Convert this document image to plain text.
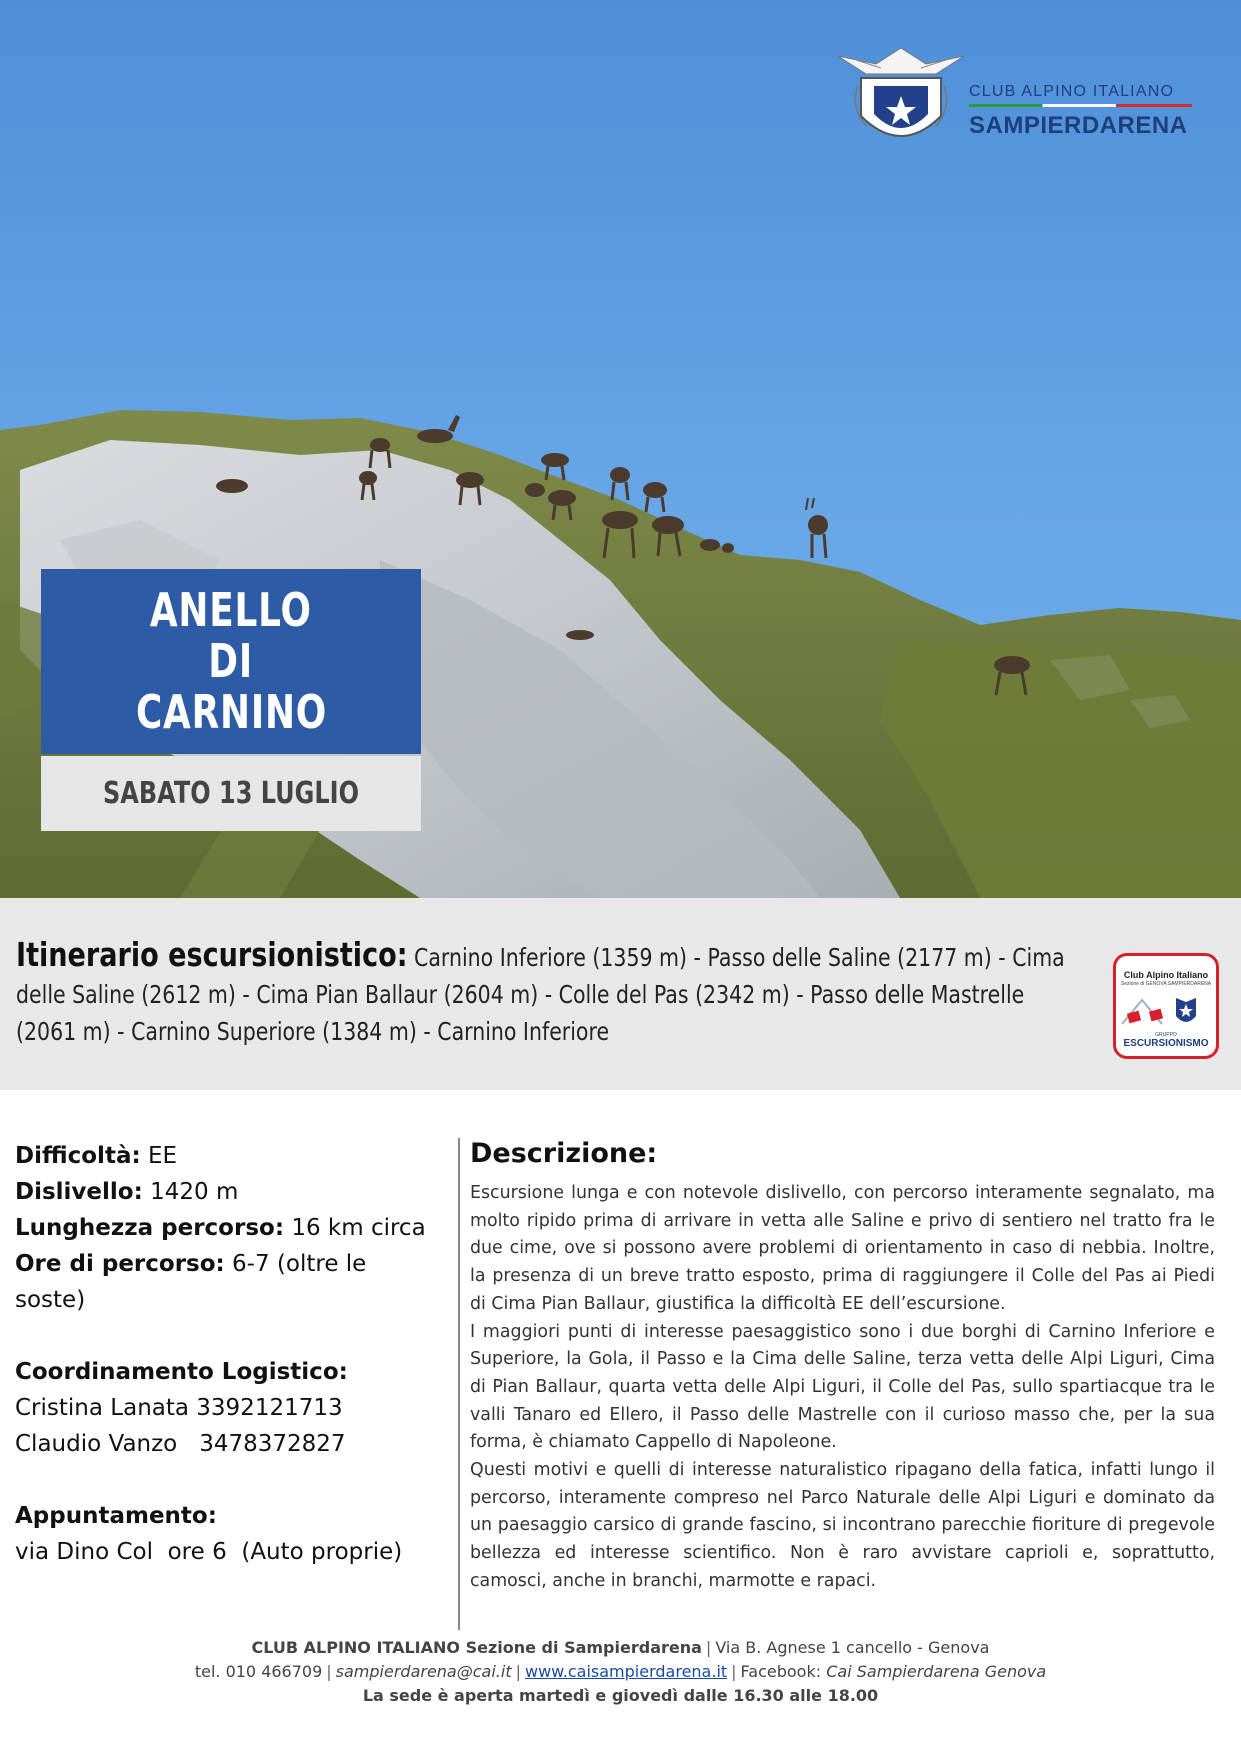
CLUB ALPINO ITALIANO
SAMPIERDARENA
ANELLO
DI
CARNINO
SABATO 13 LUGLIO
Itinerario escursionistico: Carnino Inferiore (1359 m) - Passo delle Saline (2177 m) - Cima delle Saline (2612 m) - Cima Pian Ballaur (2604 m) - Colle del Pas (2342 m) - Passo delle Mastrelle (2061 m) - Carnino Superiore (1384 m) - Carnino Inferiore
Club Alpino Italiano
Sezione di GENOVA SAMPIERDARENA
GRUPPO
ESCURSIONISMO
Difficoltà: EE
Dislivello: 1420 m
Lunghezza percorso: 16 km circa
Ore di percorso: 6-7 (oltre le soste)
Coordinamento Logistico:
Cristina Lanata 3392121713
Claudio Vanzo   3478372827
Appuntamento:
via Dino Col  ore 6  (Auto proprie)
Descrizione:

Escursione lunga e con notevole dislivello, con percorso interamente segnalato, ma molto ripido prima di arrivare in vetta alle Saline e privo di sentiero nel tratto fra le due cime, ove si possono avere problemi di orientamento in caso di nebbia. Inoltre, la presenza di un breve tratto esposto, prima di raggiungere il Colle del Pas ai Piedi di Cima Pian Ballaur, giustifica la difficoltà EE dell’escursione.

I maggiori punti di interesse paesaggistico sono i due borghi di Carnino Inferiore e Superiore, la Gola, il Passo e la Cima delle Saline, terza vetta delle Alpi Liguri, Cima di Pian Ballaur, quarta vetta delle Alpi Liguri, il Colle del Pas, sullo spartiacque tra le valli Tanaro ed Ellero, il Passo delle Mastrelle con il curioso masso che, per la sua forma, è chiamato Cappello di Napoleone.

Questi motivi e quelli di interesse naturalistico ripagano della fatica, infatti lungo il percorso, interamente compreso nel Parco Naturale delle Alpi Liguri e dominato da un paesaggio carsico di grande fascino, si incontrano parecchie fioriture di pregevole bellezza ed interesse scientifico. Non è raro avvistare caprioli e, soprattutto, camosci, anche in branchi, marmotte e rapaci.

CLUB ALPINO ITALIANO Sezione di Sampierdarena | Via B. Agnese 1 cancello - Genova
tel. 010 466709 | sampierdarena@cai.it | www.caisampierdarena.it | Facebook: Cai Sampierdarena Genova
La sede è aperta martedì e giovedì dalle 16.30 alle 18.00
